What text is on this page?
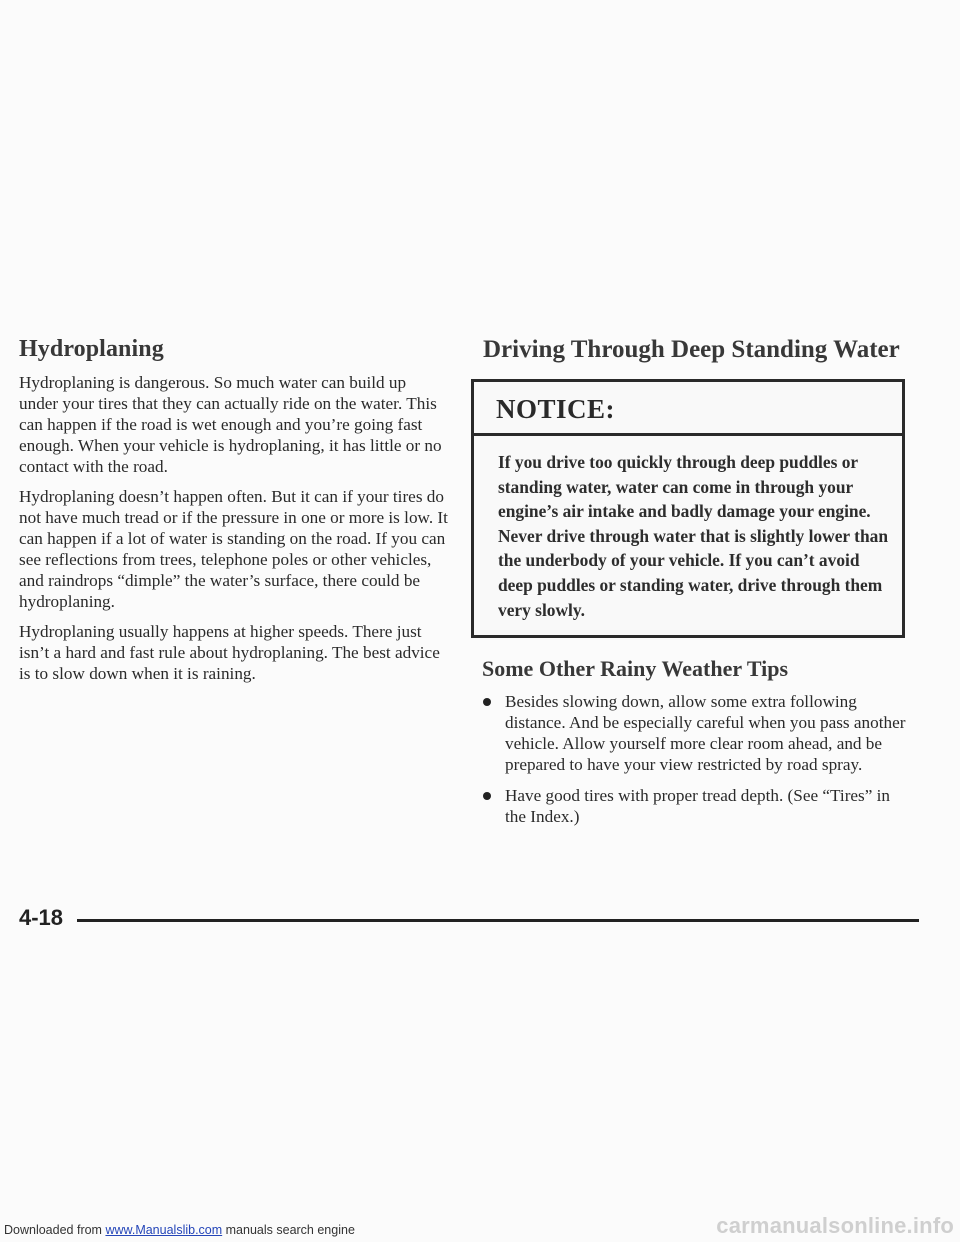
Hydroplaning

Hydroplaning is dangerous. So much water can build up under your tires that they can actually ride on the water. This can happen if the road is wet enough and you’re going fast enough. When your vehicle is hydroplaning, it has little or no contact with the road.

Hydroplaning doesn’t happen often. But it can if your tires do not have much tread or if the pressure in one or more is low. It can happen if a lot of water is standing on the road. If you can see reflections from trees, telephone poles or other vehicles, and raindrops “dimple” the water’s surface, there could be hydroplaning.

Hydroplaning usually happens at higher speeds. There just isn’t a hard and fast rule about hydroplaning. The best advice is to slow down when it is raining.

Driving Through Deep Standing Water
NOTICE:
If you drive too quickly through deep puddles or standing water, water can come in through your engine’s air intake and badly damage your engine. Never drive through water that is slightly lower than the underbody of your vehicle. If you can’t avoid deep puddles or standing water, drive through them very slowly.
Some Other Rainy Weather Tips
Besides slowing down, allow some extra following distance. And be especially careful when you pass another vehicle. Allow yourself more clear room ahead, and be prepared to have your view restricted by road spray.
Have good tires with proper tread depth. (See “Tires” in the Index.)
4-18
Downloaded from www.Manualslib.com manuals search engine	carmanualsonline.info
